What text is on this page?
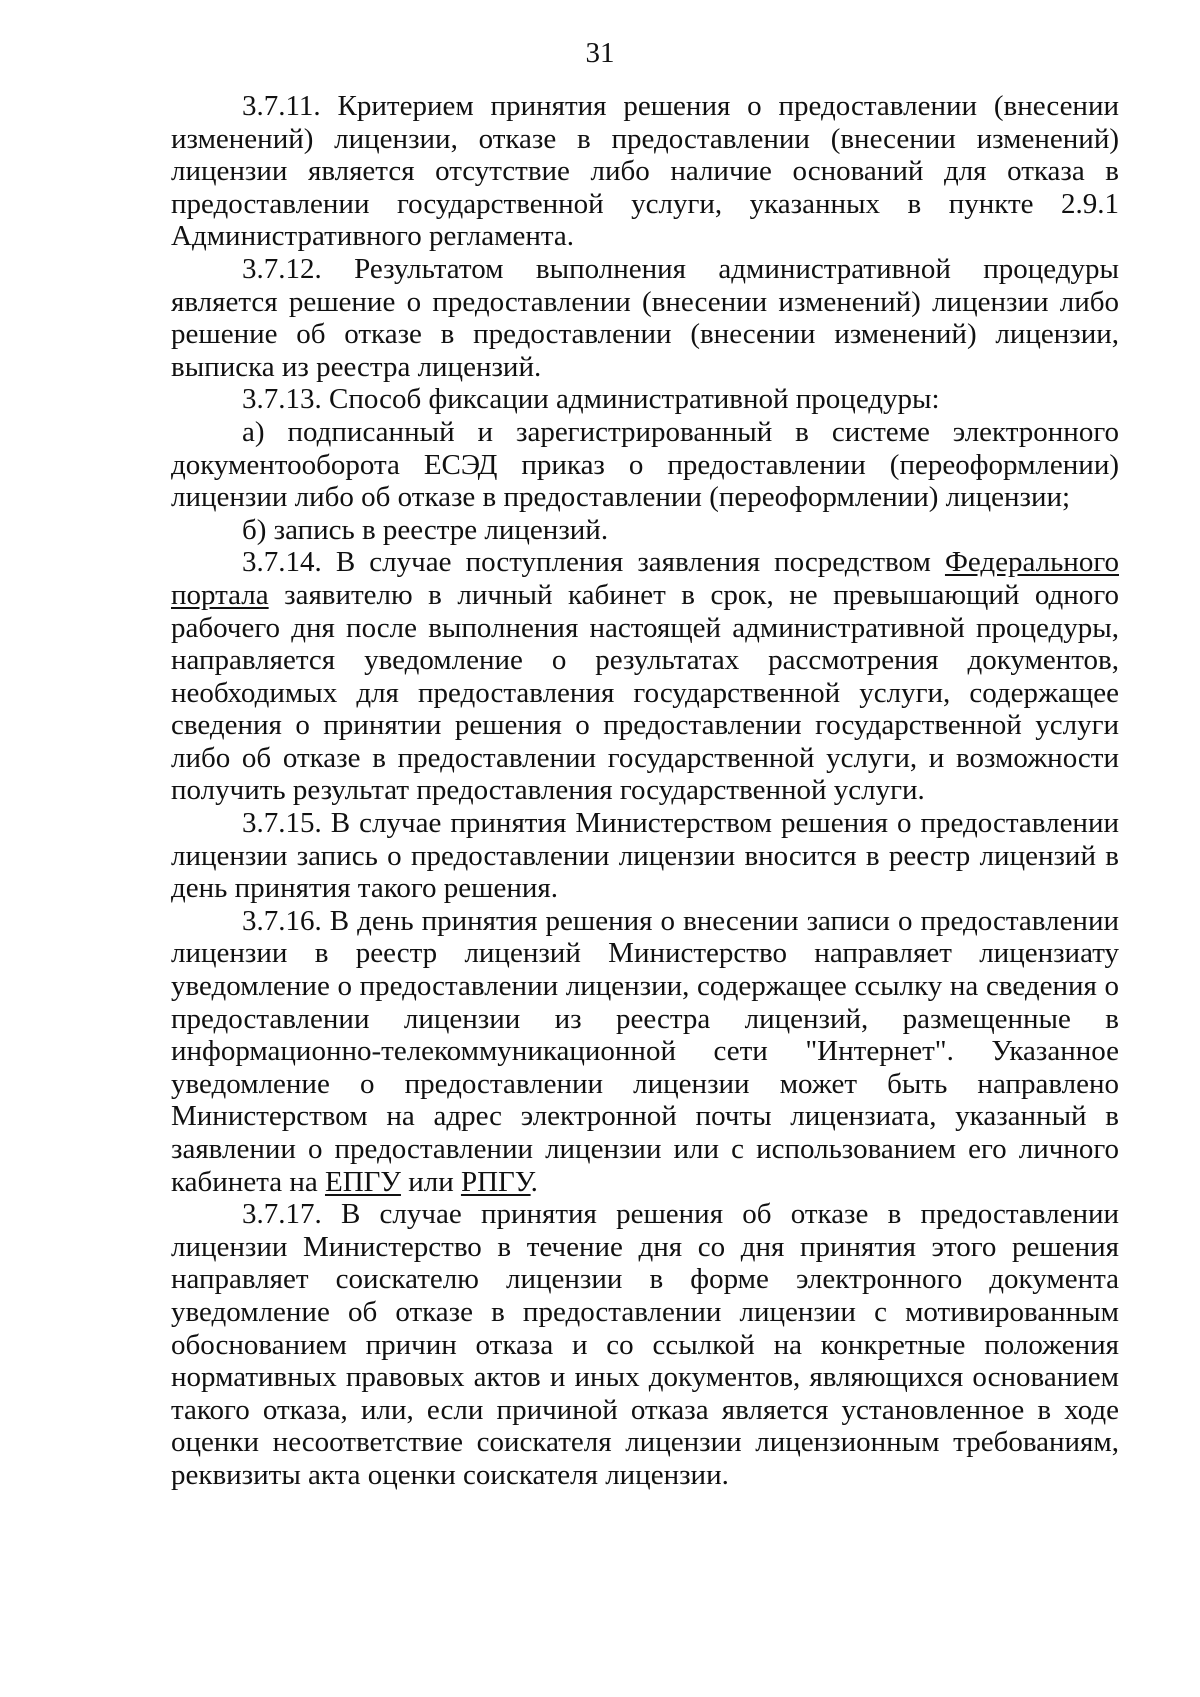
31

3.7.11. Критерием принятия решения о предоставлении (внесении изменений) лицензии, отказе в предоставлении (внесении изменений) лицензии является отсутствие либо наличие оснований для отказа в предоставлении государственной услуги, указанных в пункте 2.9.1 Административного регламента.

3.7.12. Результатом выполнения административной процедуры является решение о предоставлении (внесении изменений) лицензии либо решение об отказе в предоставлении (внесении изменений) лицензии, выписка из реестра лицензий.

3.7.13. Способ фиксации административной процедуры:

а) подписанный и зарегистрированный в системе электронного документооборота ЕСЭД приказ о предоставлении (переоформлении) лицензии либо об отказе в предоставлении (переоформлении) лицензии;

б) запись в реестре лицензий.

3.7.14. В случае поступления заявления посредством Федерального портала заявителю в личный кабинет в срок, не превышающий одного рабочего дня после выполнения настоящей административной процедуры, направляется уведомление о результатах рассмотрения документов, необходимых для предоставления государственной услуги, содержащее сведения о принятии решения о предоставлении государственной услуги либо об отказе в предоставлении государственной услуги, и возможности получить результат предоставления государственной услуги.

3.7.15. В случае принятия Министерством решения о предоставлении лицензии запись о предоставлении лицензии вносится в реестр лицензий в день принятия такого решения.

3.7.16. В день принятия решения о внесении записи о предоставлении лицензии в реестр лицензий Министерство направляет лицензиату уведомление о предоставлении лицензии, содержащее ссылку на сведения о предоставлении лицензии из реестра лицензий, размещенные в информационно-телекоммуникационной сети "Интернет". Указанное уведомление о предоставлении лицензии может быть направлено Министерством на адрес электронной почты лицензиата, указанный в заявлении о предоставлении лицензии или с использованием его личного кабинета на ЕПГУ или РПГУ.

3.7.17. В случае принятия решения об отказе в предоставлении лицензии Министерство в течение дня со дня принятия этого решения направляет соискателю лицензии в форме электронного документа уведомление об отказе в предоставлении лицензии с мотивированным обоснованием причин отказа и со ссылкой на конкретные положения нормативных правовых актов и иных документов, являющихся основанием такого отказа, или, если причиной отказа является установленное в ходе оценки несоответствие соискателя лицензии лицензионным требованиям, реквизиты акта оценки соискателя лицензии.
